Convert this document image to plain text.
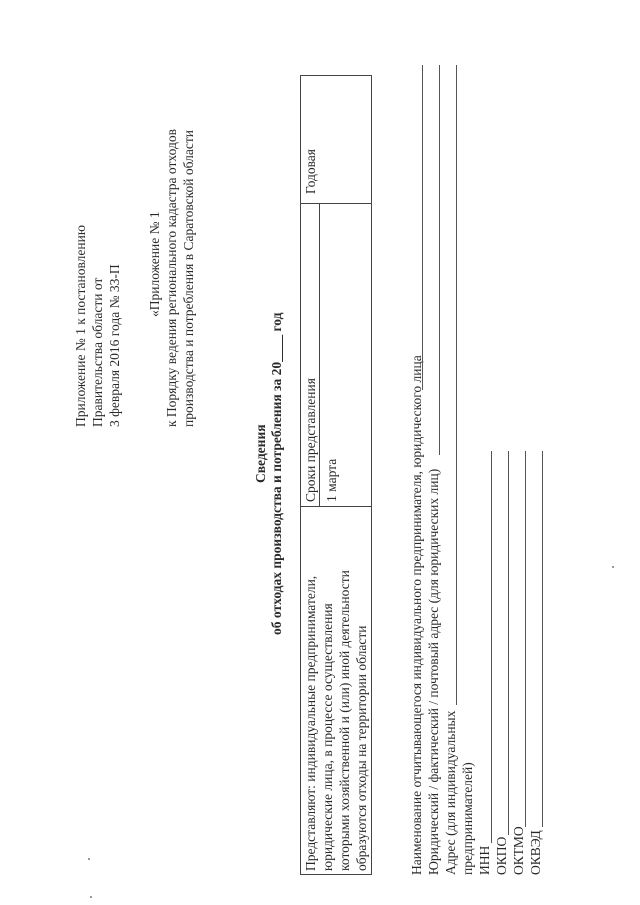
Приложение № 1 к постановлению Правительства области от 3 февраля 2016 года № 33-П
«Приложение № 1 к Порядку ведения регионального кадастра отходов производства и потребления в Саратовской области
Сведения об отходах производства и потребления за 20____ год
Представляют: индивидуальные предприниматели, юридические лица, в процессе осуществления которыми хозяйственной и (или) иной деятельности образуются отходы на территории области
Сроки представления 1 марта
Годовая
Наименование отчитывающегося индивидуального предпринимателя, юридического лица Юридический / фактический / почтовый адрес (для юридических лиц) Адрес (для индивидуальных предпринимателей) ИНН ОКПО ОКТМО ОКВЭД
